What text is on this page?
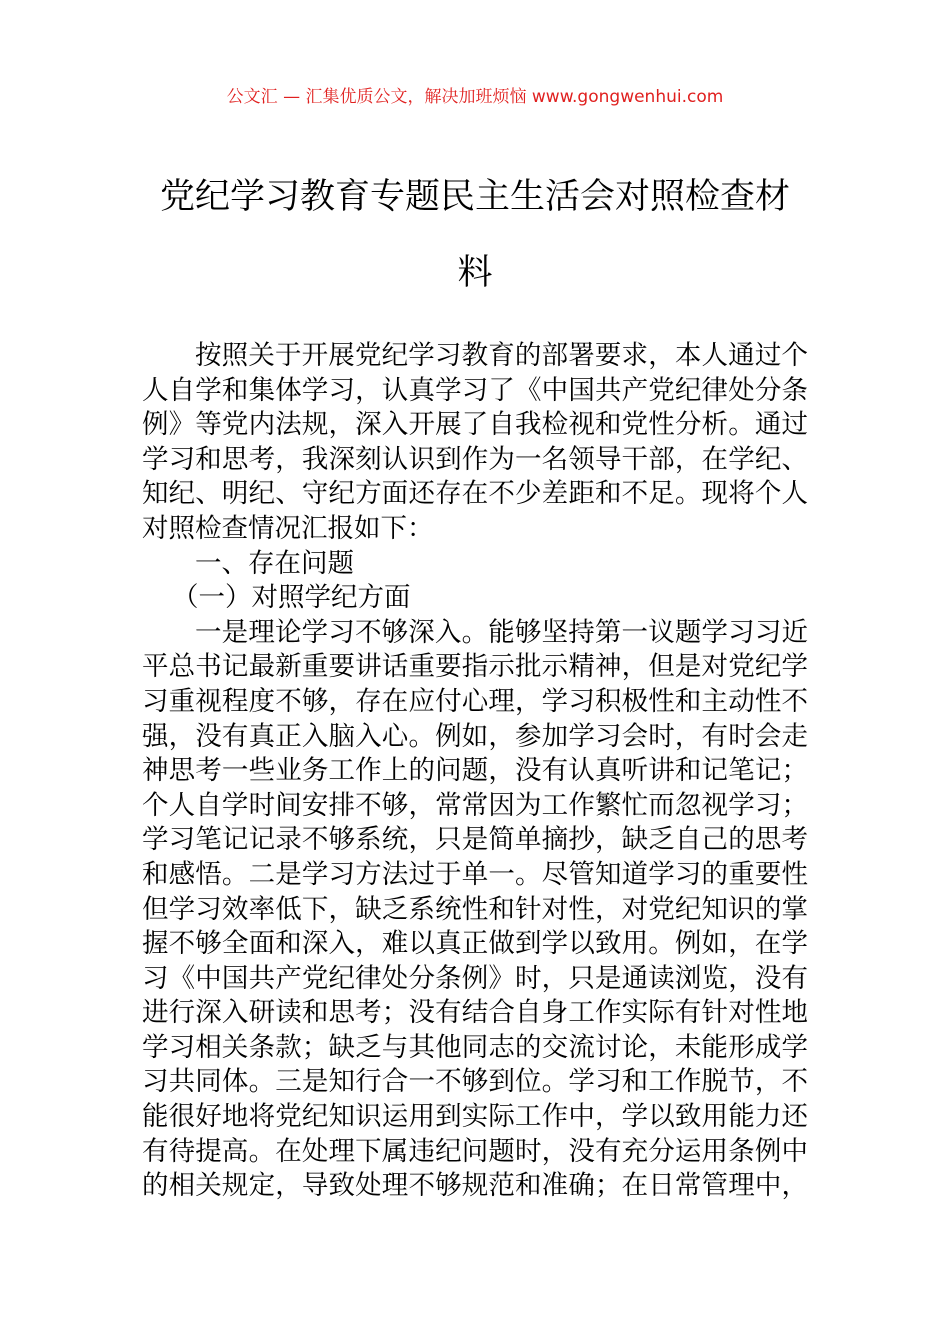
公文汇 — 汇集优质公文，解决加班烦恼 www.gongwenhui.com
党纪学习教育专题民主生活会对照检查材
料
按照关于开展党纪学习教育的部署要求，本人通过个
人自学和集体学习，认真学习了《中国共产党纪律处分条
例》等党内法规，深入开展了自我检视和党性分析。通过
学习和思考，我深刻认识到作为一名领导干部，在学纪、
知纪、明纪、守纪方面还存在不少差距和不足。现将个人
对照检查情况汇报如下：
一、存在问题
（一）对照学纪方面
一是理论学习不够深入。能够坚持第一议题学习习近
平总书记最新重要讲话重要指示批示精神，但是对党纪学
习重视程度不够，存在应付心理，学习积极性和主动性不
强，没有真正入脑入心。例如，参加学习会时，有时会走
神思考一些业务工作上的问题，没有认真听讲和记笔记；
个人自学时间安排不够，常常因为工作繁忙而忽视学习；
学习笔记记录不够系统，只是简单摘抄，缺乏自己的思考
和感悟。二是学习方法过于单一。尽管知道学习的重要性
但学习效率低下，缺乏系统性和针对性，对党纪知识的掌
握不够全面和深入，难以真正做到学以致用。例如，在学
习《中国共产党纪律处分条例》时，只是通读浏览，没有
进行深入研读和思考；没有结合自身工作实际有针对性地
学习相关条款；缺乏与其他同志的交流讨论，未能形成学
习共同体。三是知行合一不够到位。学习和工作脱节，不
能很好地将党纪知识运用到实际工作中，学以致用能力还
有待提高。在处理下属违纪问题时，没有充分运用条例中
的相关规定，导致处理不够规范和准确；在日常管理中，
